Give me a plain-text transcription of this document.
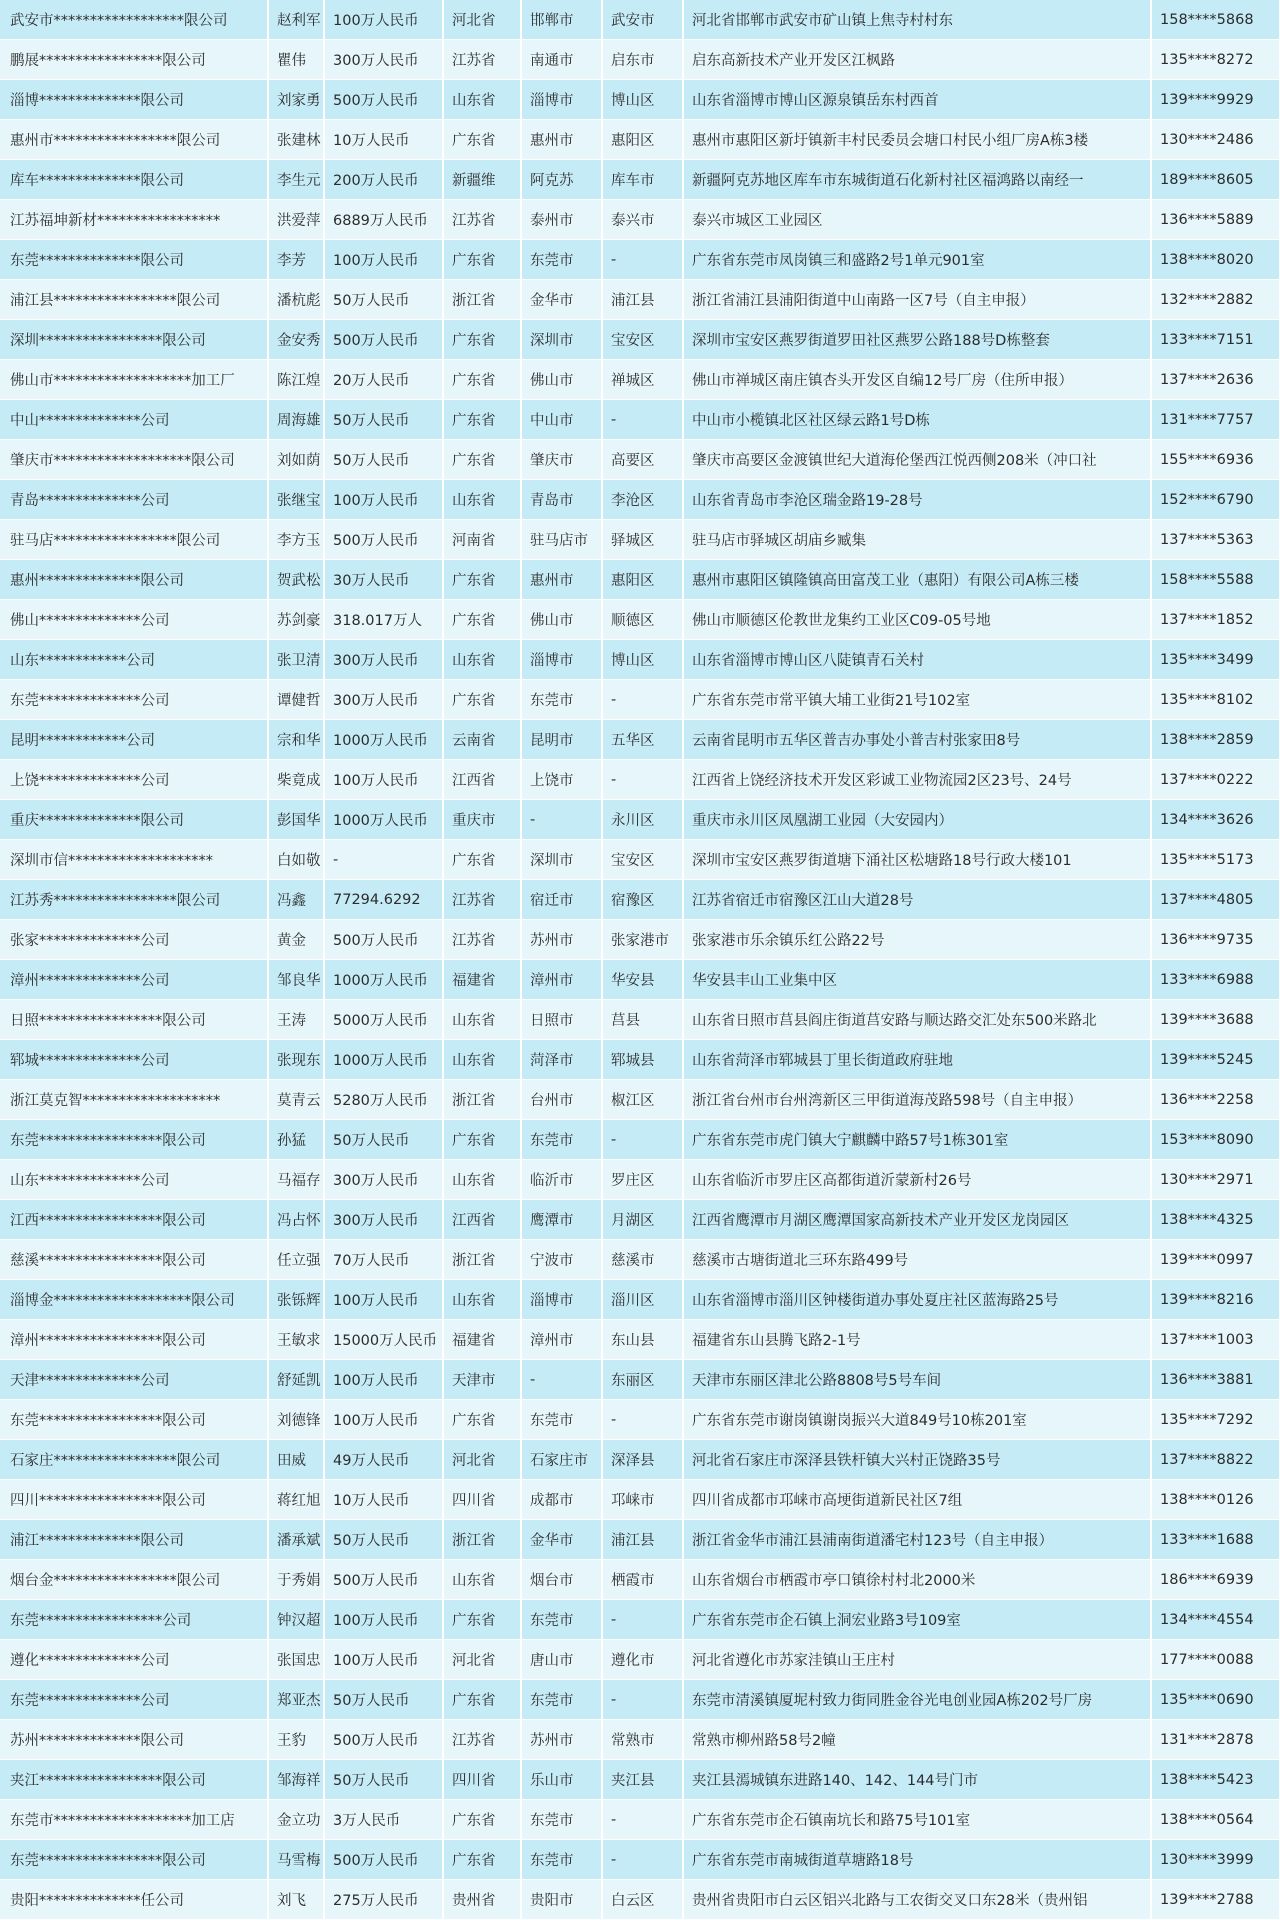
武安市******************限公司	赵利军	100万人民币	河北省	邯郸市	武安市	河北省邯郸市武安市矿山镇上焦寺村村东	158****5868
鹏展*****************限公司	瞿伟	300万人民币	江苏省	南通市	启东市	启东高新技术产业开发区江枫路	135****8272
淄博**************限公司	刘家勇	500万人民币	山东省	淄博市	博山区	山东省淄博市博山区源泉镇岳东村西首	139****9929
惠州市*****************限公司	张建林	10万人民币	广东省	惠州市	惠阳区	惠州市惠阳区新圩镇新丰村民委员会塘口村民小组厂房A栋3楼	130****2486
库车**************限公司	李生元	200万人民币	新疆维	阿克苏	库车市	新疆阿克苏地区库车市东城街道石化新村社区福鸿路以南经一	189****8605
江苏福坤新材*****************	洪爱萍	6889万人民币	江苏省	泰州市	泰兴市	泰兴市城区工业园区	136****5889
东莞**************限公司	李芳	100万人民币	广东省	东莞市	-	广东省东莞市凤岗镇三和盛路2号1单元901室	138****8020
浦江县*****************限公司	潘杭彪	50万人民币	浙江省	金华市	浦江县	浙江省浦江县浦阳街道中山南路一区7号（自主申报）	132****2882
深圳*****************限公司	金安秀	500万人民币	广东省	深圳市	宝安区	深圳市宝安区燕罗街道罗田社区燕罗公路188号D栋整套	133****7151
佛山市*******************加工厂	陈江煌	20万人民币	广东省	佛山市	禅城区	佛山市禅城区南庄镇杏头开发区自编12号厂房（住所申报）	137****2636
中山**************公司	周海雄	50万人民币	广东省	中山市	-	中山市小榄镇北区社区绿云路1号D栋	131****7757
肇庆市*******************限公司	刘如荫	50万人民币	广东省	肇庆市	高要区	肇庆市高要区金渡镇世纪大道海伦堡西江悦西侧208米（冲口社	155****6936
青岛**************公司	张继宝	100万人民币	山东省	青岛市	李沧区	山东省青岛市李沧区瑞金路19-28号	152****6790
驻马店*****************限公司	李方玉	500万人民币	河南省	驻马店市	驿城区	驻马店市驿城区胡庙乡臧集	137****5363
惠州**************限公司	贺武松	30万人民币	广东省	惠州市	惠阳区	惠州市惠阳区镇隆镇高田富茂工业（惠阳）有限公司A栋三楼	158****5588
佛山**************公司	苏剑豪	318.017万人	广东省	佛山市	顺德区	佛山市顺德区伦教世龙集约工业区C09-05号地	137****1852
山东************公司	张卫清	300万人民币	山东省	淄博市	博山区	山东省淄博市博山区八陡镇青石关村	135****3499
东莞**************公司	谭健哲	300万人民币	广东省	东莞市	-	广东省东莞市常平镇大埔工业街21号102室	135****8102
昆明************公司	宗和华	1000万人民币	云南省	昆明市	五华区	云南省昆明市五华区普吉办事处小普吉村张家田8号	138****2859
上饶**************公司	柴竟成	100万人民币	江西省	上饶市	-	江西省上饶经济技术开发区彩诚工业物流园2区23号、24号	137****0222
重庆**************限公司	彭国华	1000万人民币	重庆市	-	永川区	重庆市永川区凤凰湖工业园（大安园内）	134****3626
深圳市信********************	白如敬	-	广东省	深圳市	宝安区	深圳市宝安区燕罗街道塘下涌社区松塘路18号行政大楼101	135****5173
江苏秀*****************限公司	冯鑫	77294.6292	江苏省	宿迁市	宿豫区	江苏省宿迁市宿豫区江山大道28号	137****4805
张家**************公司	黄金	500万人民币	江苏省	苏州市	张家港市	张家港市乐余镇乐红公路22号	136****9735
漳州**************公司	邹良华	1000万人民币	福建省	漳州市	华安县	华安县丰山工业集中区	133****6988
日照*****************限公司	王涛	5000万人民币	山东省	日照市	莒县	山东省日照市莒县阎庄街道莒安路与顺达路交汇处东500米路北	139****3688
郓城**************公司	张现东	1000万人民币	山东省	菏泽市	郓城县	山东省菏泽市郓城县丁里长街道政府驻地	139****5245
浙江莫克智*******************	莫青云	5280万人民币	浙江省	台州市	椒江区	浙江省台州市台州湾新区三甲街道海茂路598号（自主申报）	136****2258
东莞*****************限公司	孙猛	50万人民币	广东省	东莞市	-	广东省东莞市虎门镇大宁麒麟中路57号1栋301室	153****8090
山东**************公司	马福存	300万人民币	山东省	临沂市	罗庄区	山东省临沂市罗庄区高都街道沂蒙新村26号	130****2971
江西*****************限公司	冯占怀	300万人民币	江西省	鹰潭市	月湖区	江西省鹰潭市月湖区鹰潭国家高新技术产业开发区龙岗园区	138****4325
慈溪*****************限公司	任立强	70万人民币	浙江省	宁波市	慈溪市	慈溪市古塘街道北三环东路499号	139****0997
淄博金*******************限公司	张铄辉	100万人民币	山东省	淄博市	淄川区	山东省淄博市淄川区钟楼街道办事处夏庄社区蓝海路25号	139****8216
漳州*****************限公司	王敏求	15000万人民币	福建省	漳州市	东山县	福建省东山县腾飞路2-1号	137****1003
天津**************公司	舒延凯	100万人民币	天津市	-	东丽区	天津市东丽区津北公路8808号5号车间	136****3881
东莞*****************限公司	刘德锋	100万人民币	广东省	东莞市	-	广东省东莞市谢岗镇谢岗振兴大道849号10栋201室	135****7292
石家庄*****************限公司	田威	49万人民币	河北省	石家庄市	深泽县	河北省石家庄市深泽县铁杆镇大兴村正饶路35号	137****8822
四川*****************限公司	蒋红旭	10万人民币	四川省	成都市	邛崃市	四川省成都市邛崃市高埂街道新民社区7组	138****0126
浦江**************限公司	潘承斌	50万人民币	浙江省	金华市	浦江县	浙江省金华市浦江县浦南街道潘宅村123号（自主申报）	133****1688
烟台金*****************限公司	于秀娟	500万人民币	山东省	烟台市	栖霞市	山东省烟台市栖霞市亭口镇徐村村北2000米	186****6939
东莞*****************公司	钟汉超	100万人民币	广东省	东莞市	-	广东省东莞市企石镇上洞宏业路3号109室	134****4554
遵化**************公司	张国忠	100万人民币	河北省	唐山市	遵化市	河北省遵化市苏家洼镇山王庄村	177****0088
东莞**************公司	郑亚杰	50万人民币	广东省	东莞市	-	东莞市清溪镇厦坭村致力街同胜金谷光电创业园A栋202号厂房	135****0690
苏州**************限公司	王豹	500万人民币	江苏省	苏州市	常熟市	常熟市柳州路58号2幢	131****2878
夹江*****************限公司	邹海祥	50万人民币	四川省	乐山市	夹江县	夹江县漹城镇东进路140、142、144号门市	138****5423
东莞市*******************加工店	金立功	3万人民币	广东省	东莞市	-	广东省东莞市企石镇南坑长和路75号101室	138****0564
东莞*****************限公司	马雪梅	500万人民币	广东省	东莞市	-	广东省东莞市南城街道草塘路18号	130****3999
贵阳**************任公司	刘飞	275万人民币	贵州省	贵阳市	白云区	贵州省贵阳市白云区铝兴北路与工农街交叉口东28米（贵州铝	139****2788
